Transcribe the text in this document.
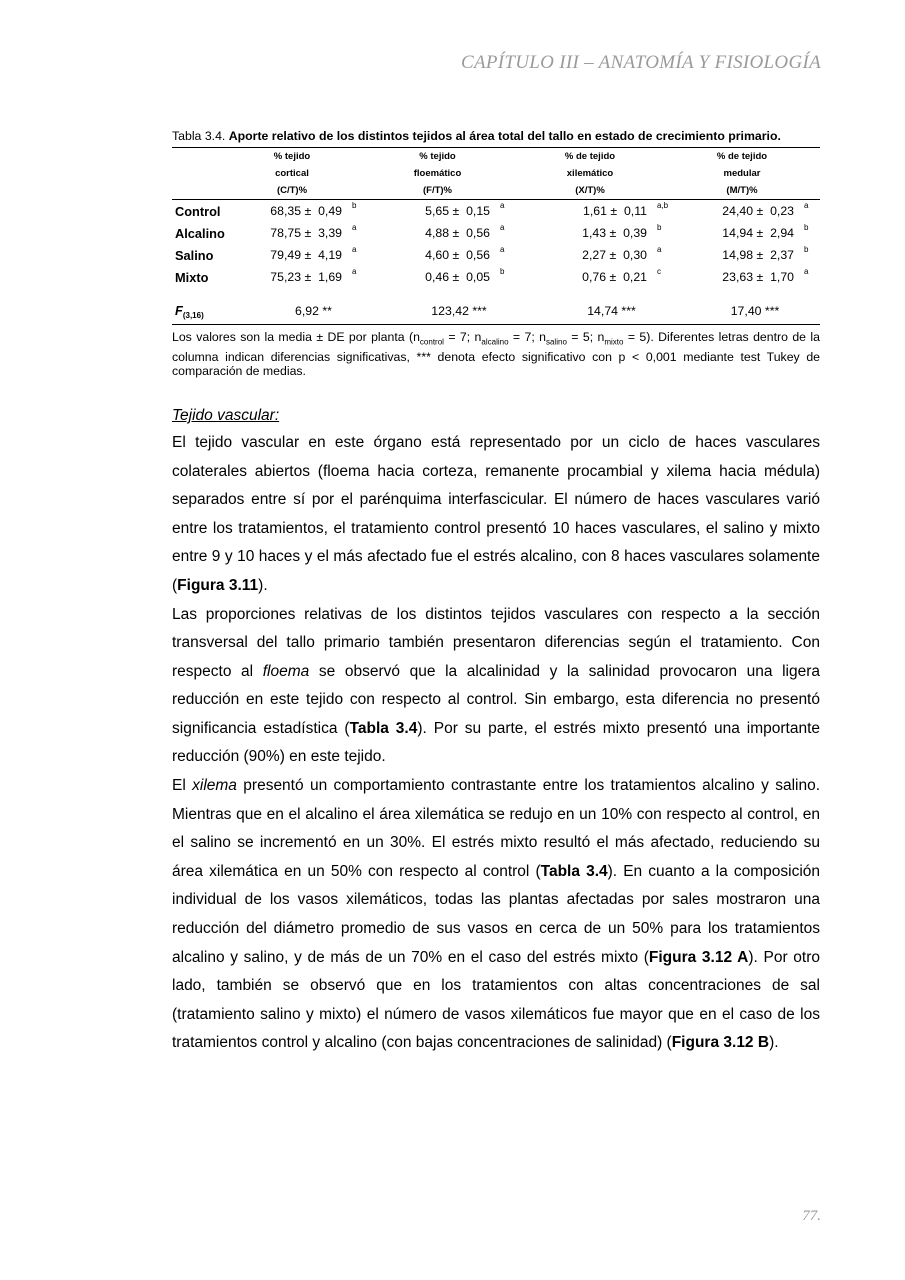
CAPÍTULO III – ANATOMÍA Y FISIOLOGÍA

Tabla 3.4. Aporte relativo de los distintos tejidos al área total del tallo en estado de crecimiento primario.

	% tejido		% tejido		% de tejido		% de tejido	
	cortical		floemático		xilemático		medular	
	(C/T)%		(F/T)%		(X/T)%		(M/T)%	
Control	68,35 ±  0,49	b	5,65 ±  0,15	a	1,61 ±  0,11	a,b	24,40 ±  0,23	a
Alcalino	78,75 ±  3,39	a	4,88 ±  0,56	a	1,43 ±  0,39	b	14,94 ±  2,94	b
Salino	79,49 ±  4,19	a	4,60 ±  0,56	a	2,27 ±  0,30	a	14,98 ±  2,37	b
Mixto	75,23 ±  1,69	a	0,46 ±  0,05	b	0,76 ±  0,21	c	23,63 ±  1,70	a
$F_{(3,16)}$	6,92 **		123,42 ***		14,74 ***		17,40 ***	

Los valores son la media ± DE por planta ($n_{control} = 7$; $n_{alcalino} = 7$; $n_{salino} = 5$; $n_{mixto} = 5$). Diferentes letras dentro de la columna indican diferencias significativas, *** denota efecto significativo con p < 0,001 mediante test Tukey de comparación de medias.

Tejido vascular:

El tejido vascular en este órgano está representado por un ciclo de haces vasculares colaterales abiertos (floema hacia corteza, remanente procambial y xilema hacia médula) separados entre sí por el parénquima interfascicular. El número de haces vasculares varió entre los tratamientos, el tratamiento control presentó 10 haces vasculares, el salino y mixto entre 9 y 10 haces y el más afectado fue el estrés alcalino, con 8 haces vasculares solamente (Figura 3.11).

Las proporciones relativas de los distintos tejidos vasculares con respecto a la sección transversal del tallo primario también presentaron diferencias según el tratamiento. Con respecto al floema se observó que la alcalinidad y la salinidad provocaron una ligera reducción en este tejido con respecto al control. Sin embargo, esta diferencia no presentó significancia estadística (Tabla 3.4). Por su parte, el estrés mixto presentó una importante reducción (90%) en este tejido.

El xilema presentó un comportamiento contrastante entre los tratamientos alcalino y salino. Mientras que en el alcalino el área xilemática se redujo en un 10% con respecto al control, en el salino se incrementó en un 30%. El estrés mixto resultó el más afectado, reduciendo su área xilemática en un 50% con respecto al control (Tabla 3.4). En cuanto a la composición individual de los vasos xilemáticos, todas las plantas afectadas por sales mostraron una reducción del diámetro promedio de sus vasos en cerca de un 50% para los tratamientos alcalino y salino, y de más de un 70% en el caso del estrés mixto (Figura 3.12 A). Por otro lado, también se observó que en los tratamientos con altas concentraciones de sal (tratamiento salino y mixto) el número de vasos xilemáticos fue mayor que en el caso de los tratamientos control y alcalino (con bajas concentraciones de salinidad) (Figura 3.12 B).

77.
